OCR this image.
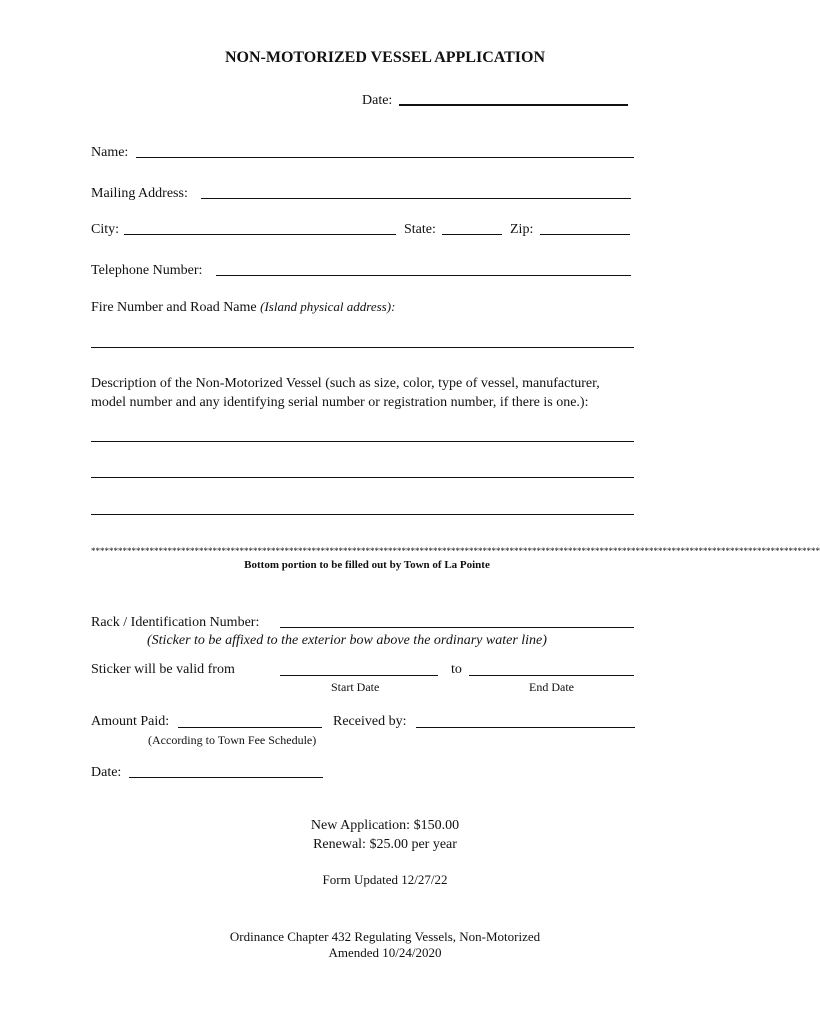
NON-MOTORIZED VESSEL APPLICATION
Date:
Name:
Mailing Address:
City:	State:	Zip:
Telephone Number:
Fire Number and Road Name (Island physical address):
Description of the Non-Motorized Vessel (such as size, color, type of vessel, manufacturer,
model number and any identifying serial number or registration number, if there is one.):
******************************************************************************************************************************************************************
Bottom portion to be filled out by Town of La Pointe
Rack / Identification Number:
(Sticker to be affixed to the exterior bow above the ordinary water line)
Sticker will be valid from	to
Start Date	End Date
Amount Paid:	Received by:
(According to Town Fee Schedule)
Date:
New Application: $150.00
Renewal: $25.00 per year
Form Updated 12/27/22
Ordinance Chapter 432 Regulating Vessels, Non-Motorized
Amended 10/24/2020
